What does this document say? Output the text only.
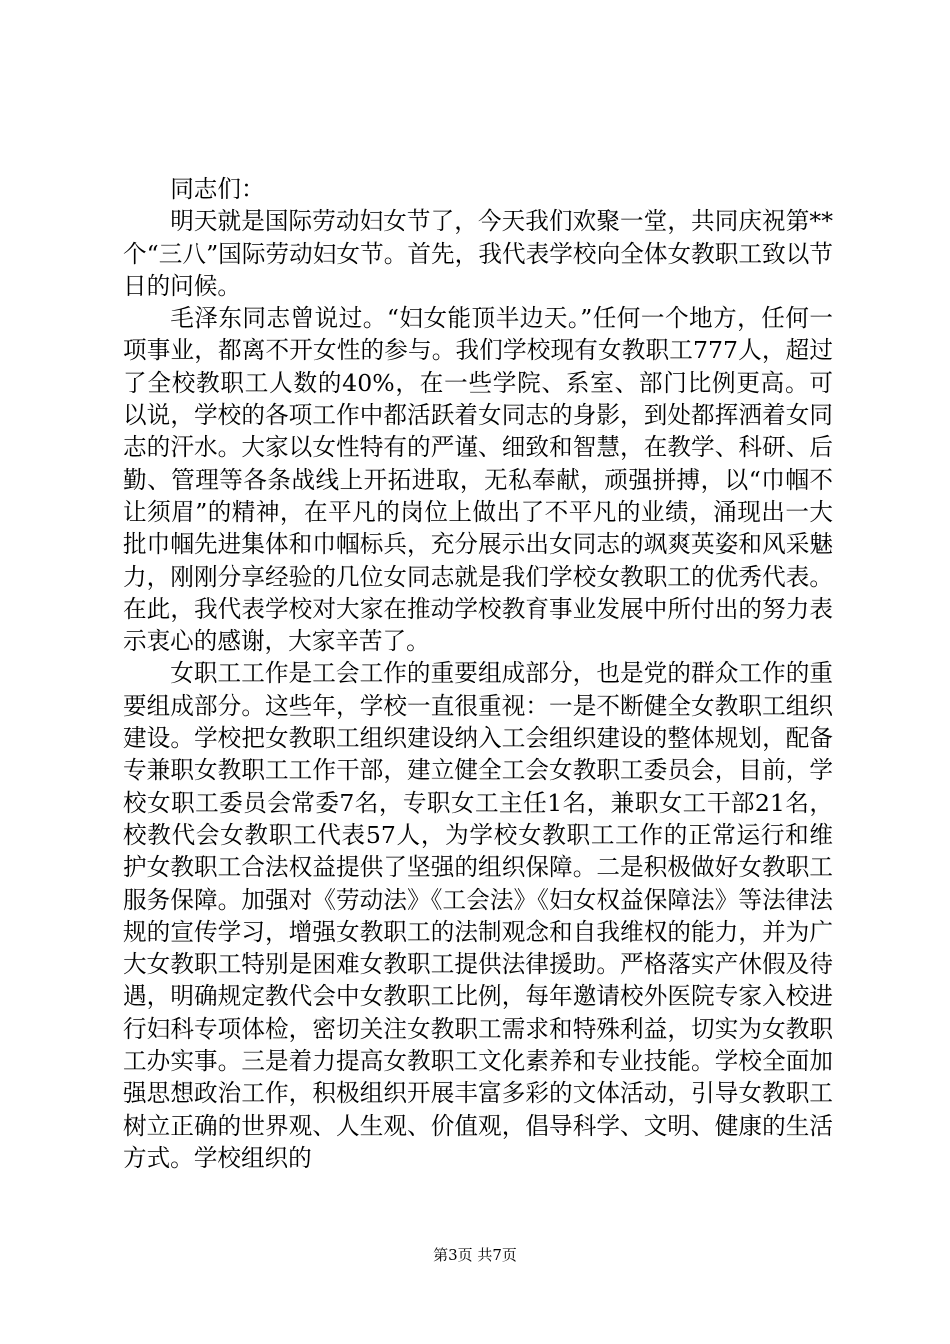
同志们：

明天就是国际劳动妇女节了，今天我们欢聚一堂，共同庆祝第**个“三八”国际劳动妇女节。首先，我代表学校向全体女教职工致以节日的问候。

毛泽东同志曾说过。“妇女能顶半边天。”任何一个地方，任何一项事业，都离不开女性的参与。我们学校现有女教职工777人，超过了全校教职工人数的40%，在一些学院、系室、部门比例更高。可以说，学校的各项工作中都活跃着女同志的身影，到处都挥洒着女同志的汗水。大家以女性特有的严谨、细致和智慧，在教学、科研、后勤、管理等各条战线上开拓进取，无私奉献，顽强拼搏，以“巾帼不让须眉”的精神，在平凡的岗位上做出了不平凡的业绩，涌现出一大批巾帼先进集体和巾帼标兵，充分展示出女同志的飒爽英姿和风采魅力，刚刚分享经验的几位女同志就是我们学校女教职工的优秀代表。在此，我代表学校对大家在推动学校教育事业发展中所付出的努力表示衷心的感谢，大家辛苦了。

女职工工作是工会工作的重要组成部分，也是党的群众工作的重要组成部分。这些年，学校一直很重视：一是不断健全女教职工组织建设。学校把女教职工组织建设纳入工会组织建设的整体规划，配备专兼职女教职工工作干部，建立健全工会女教职工委员会，目前，学校女职工委员会常委7名，专职女工主任1名，兼职女工干部21名，校教代会女教职工代表57人，为学校女教职工工作的正常运行和维护女教职工合法权益提供了坚强的组织保障。二是积极做好女教职工服务保障。加强对《劳动法》《工会法》《妇女权益保障法》等法律法规的宣传学习，增强女教职工的法制观念和自我维权的能力，并为广大女教职工特别是困难女教职工提供法律援助。严格落实产休假及待遇，明确规定教代会中女教职工比例，每年邀请校外医院专家入校进行妇科专项体检，密切关注女教职工需求和特殊利益，切实为女教职工办实事。三是着力提高女教职工文化素养和专业技能。学校全面加强思想政治工作，积极组织开展丰富多彩的文体活动，引导女教职工树立正确的世界观、人生观、价值观，倡导科学、文明、健康的生活方式。学校组织的

第3页 共7页
